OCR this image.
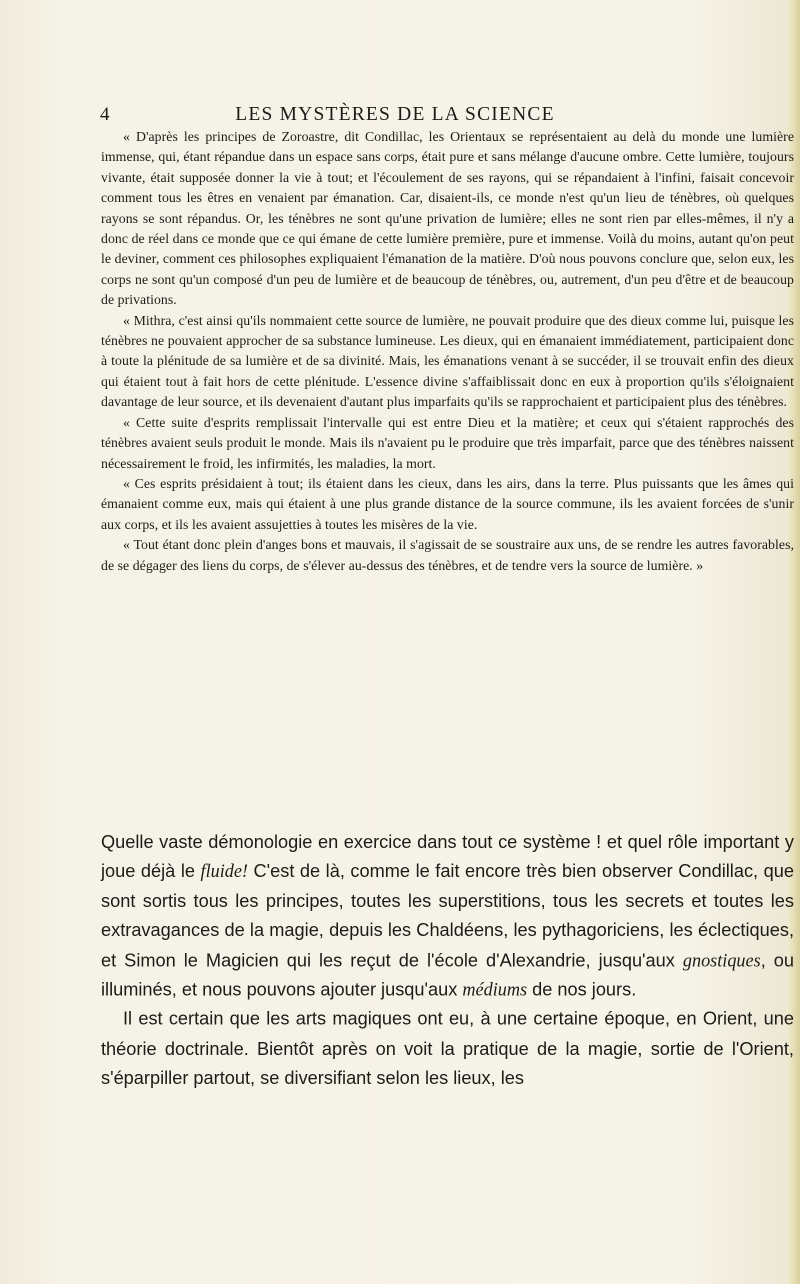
4	LES MYSTÈRES DE LA SCIENCE

« D'après les principes de Zoroastre, dit Condillac, les Orientaux se représentaient au delà du monde une lumière immense, qui, étant répandue dans un espace sans corps, était pure et sans mélange d'aucune ombre. Cette lumière, toujours vivante, était supposée donner la vie à tout; et l'écoulement de ses rayons, qui se répandaient à l'infini, faisait concevoir comment tous les êtres en venaient par émanation. Car, disaient-ils, ce monde n'est qu'un lieu de ténèbres, où quelques rayons se sont répandus. Or, les ténèbres ne sont qu'une privation de lumière; elles ne sont rien par elles-mêmes, il n'y a donc de réel dans ce monde que ce qui émane de cette lumière première, pure et immense. Voilà du moins, autant qu'on peut le deviner, comment ces philosophes expliquaient l'émanation de la matière. D'où nous pouvons conclure que, selon eux, les corps ne sont qu'un composé d'un peu de lumière et de beaucoup de ténèbres, ou, autrement, d'un peu d'être et de beaucoup de privations.

« Mithra, c'est ainsi qu'ils nommaient cette source de lumière, ne pouvait produire que des dieux comme lui, puisque les ténèbres ne pouvaient approcher de sa substance lumineuse. Les dieux, qui en émanaient immédiatement, participaient donc à toute la plénitude de sa lumière et de sa divinité. Mais, les émanations venant à se succéder, il se trouvait enfin des dieux qui étaient tout à fait hors de cette plénitude. L'essence divine s'affaiblissait donc en eux à proportion qu'ils s'éloignaient davantage de leur source, et ils devenaient d'autant plus imparfaits qu'ils se rapprochaient et participaient plus des ténèbres.

« Cette suite d'esprits remplissait l'intervalle qui est entre Dieu et la matière; et ceux qui s'étaient rapprochés des ténèbres avaient seuls produit le monde. Mais ils n'avaient pu le produire que très imparfait, parce que des ténèbres naissent nécessairement le froid, les infirmités, les maladies, la mort.

« Ces esprits présidaient à tout; ils étaient dans les cieux, dans les airs, dans la terre. Plus puissants que les âmes qui émanaient comme eux, mais qui étaient à une plus grande distance de la source commune, ils les avaient forcées de s'unir aux corps, et ils les avaient assujetties à toutes les misères de la vie.

« Tout étant donc plein d'anges bons et mauvais, il s'agissait de se soustraire aux uns, de se rendre les autres favorables, de se dégager des liens du corps, de s'élever au-dessus des ténèbres, et de tendre vers la source de lumière. »

Quelle vaste démonologie en exercice dans tout ce système ! et quel rôle important y joue déjà le fluide! C'est de là, comme le fait encore très bien observer Condillac, que sont sortis tous les principes, toutes les superstitions, tous les secrets et toutes les extravagances de la magie, depuis les Chaldéens, les pythagoriciens, les éclectiques, et Simon le Magicien qui les reçut de l'école d'Alexandrie, jusqu'aux gnostiques, ou illuminés, et nous pouvons ajouter jusqu'aux médiums de nos jours.

Il est certain que les arts magiques ont eu, à une certaine époque, en Orient, une théorie doctrinale. Bientôt après on voit la pratique de la magie, sortie de l'Orient, s'éparpiller partout, se diversifiant selon les lieux, les
